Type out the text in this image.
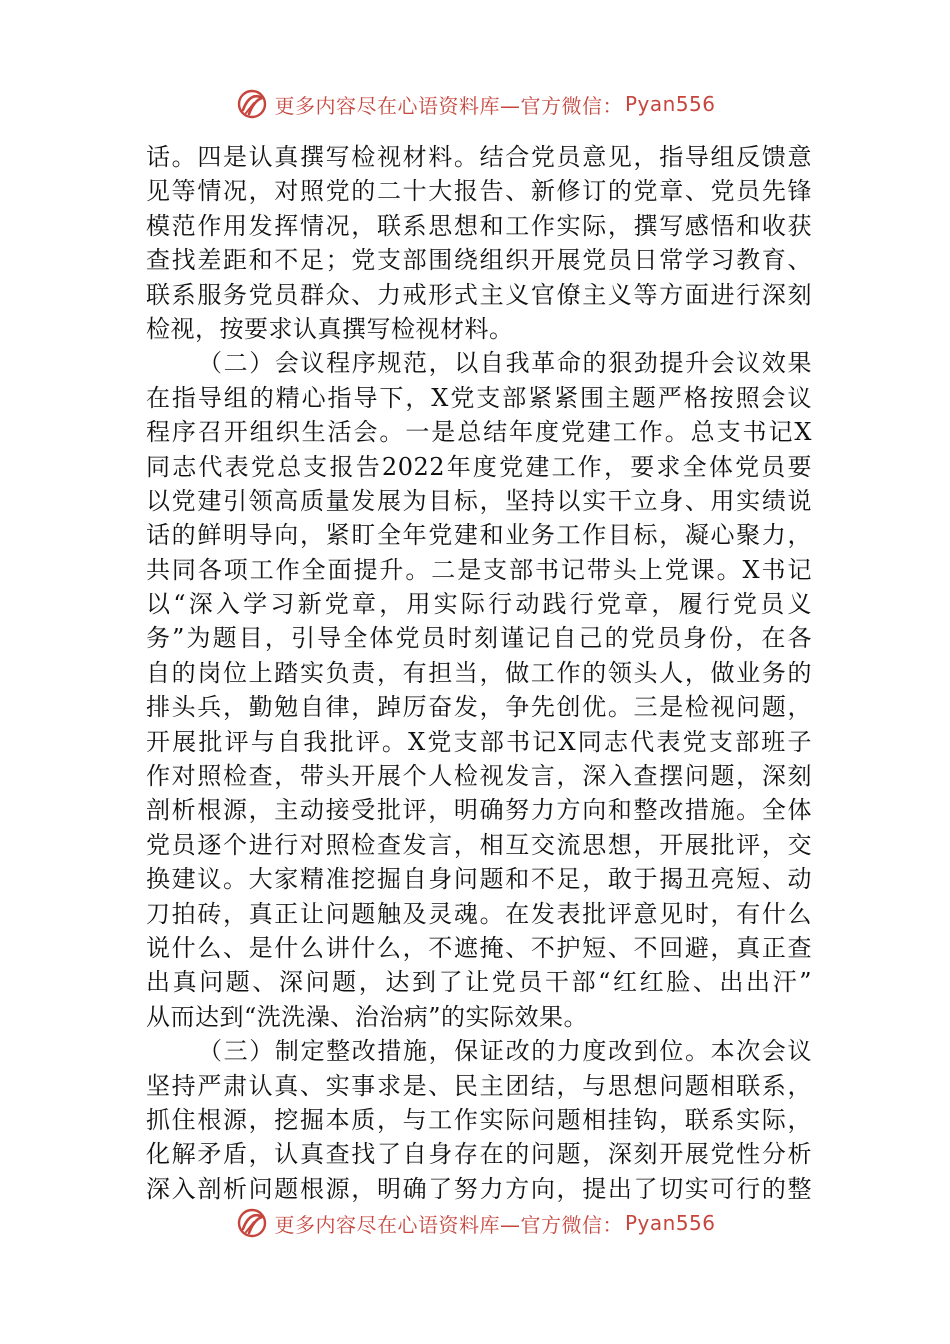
更多内容尽在心语资料库—官方微信： Pyan556
话。四是认真撰写检视材料。结合党员意见，指导组反馈意
见等情况，对照党的二十大报告、新修订的党章、党员先锋
模范作用发挥情况，联系思想和工作实际，撰写感悟和收获
查找差距和不足；党支部围绕组织开展党员日常学习教育、
联系服务党员群众、力戒形式主义官僚主义等方面进行深刻
检视，按要求认真撰写检视材料。
（二）会议程序规范，以自我革命的狠劲提升会议效果
在指导组的精心指导下，X党支部紧紧围主题严格按照会议
程序召开组织生活会。一是总结年度党建工作。总支书记X
同志代表党总支报告2022年度党建工作，要求全体党员要
以党建引领高质量发展为目标，坚持以实干立身、用实绩说
话的鲜明导向，紧盯全年党建和业务工作目标，凝心聚力，
共同各项工作全面提升。二是支部书记带头上党课。X书记
以“深入学习新党章，用实际行动践行党章，履行党员义
务”为题目，引导全体党员时刻谨记自己的党员身份，在各
自的岗位上踏实负责，有担当，做工作的领头人，做业务的
排头兵，勤勉自律，踔厉奋发，争先创优。三是检视问题，
开展批评与自我批评。X党支部书记X同志代表党支部班子
作对照检查，带头开展个人检视发言，深入查摆问题，深刻
剖析根源，主动接受批评，明确努力方向和整改措施。全体
党员逐个进行对照检查发言，相互交流思想，开展批评，交
换建议。大家精准挖掘自身问题和不足，敢于揭丑亮短、动
刀拍砖，真正让问题触及灵魂。在发表批评意见时，有什么
说什么、是什么讲什么，不遮掩、不护短、不回避，真正查
出真问题、深问题，达到了让党员干部“红红脸、出出汗”
从而达到“洗洗澡、治治病”的实际效果。
（三）制定整改措施，保证改的力度改到位。本次会议
坚持严肃认真、实事求是、民主团结，与思想问题相联系，
抓住根源，挖掘本质，与工作实际问题相挂钩，联系实际，
化解矛盾，认真查找了自身存在的问题，深刻开展党性分析
深入剖析问题根源，明确了努力方向，提出了切实可行的整
更多内容尽在心语资料库—官方微信： Pyan556
